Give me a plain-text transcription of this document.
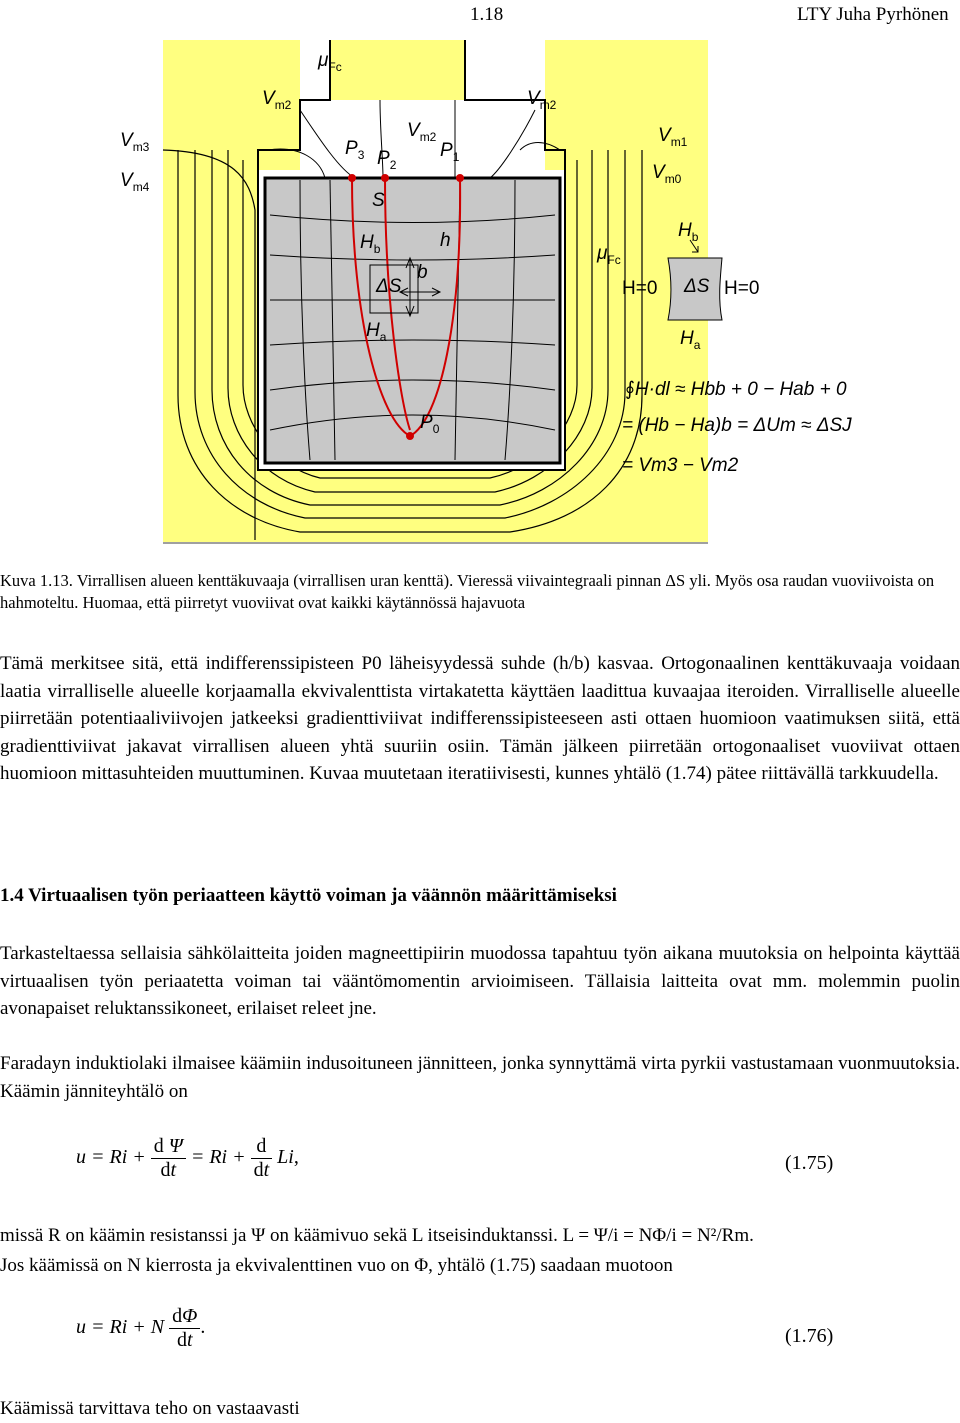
1.18	LTY Juha Pyrhönen
$\mu_{Fc}$
$V_{m2}$	$V_{m2}$
$V_{m3}$
$V_{m4}$
$V_{m2}$	$V_{m1}$
$V_{m0}$
$P_3$ $P_2$
$P_1$
S
$H_b$
ΔS
b
h
$H_a$
$P_0$
$\mu_{Fc}$
$H_b$
H=0 ΔS H=0
$H_a$
∮H·dl ≈ Hbb + 0 − Hab + 0
= (Hb − Ha)b = ΔUm ≈ ΔSJ
= Vm3 − Vm2

Kuva 1.13. Virrallisen alueen kenttäkuvaaja (virrallisen uran kenttä). Vieressä viivaintegraali pinnan ΔS yli. Myös osa raudan vuoviivoista on hahmoteltu. Huomaa, että piirretyt vuoviivat ovat kaikki käytännössä hajavuota

Tämä merkitsee sitä, että indifferenssipisteen P0 läheisyydessä suhde (h/b) kasvaa. Ortogonaalinen kenttäkuvaaja voidaan laatia virralliselle alueelle korjaamalla ekvivalenttista virtakatetta käyttäen laadittua kuvaajaa iteroiden. Virralliselle alueelle piirretään potentiaaliviivojen jatkeeksi gradienttiviivat indifferenssipisteeseen asti ottaen huomioon vaatimuksen siitä, että gradienttiviivat jakavat virrallisen alueen yhtä suuriin osiin. Tämän jälkeen piirretään ortogonaaliset vuoviivat ottaen huomioon mittasuhteiden muuttuminen. Kuvaa muutetaan iteratiivisesti, kunnes yhtälö (1.74) pätee riittävällä tarkkuudella.

1.4 Virtuaalisen työn periaatteen käyttö voiman ja väännön määrittämiseksi

Tarkasteltaessa sellaisia sähkölaitteita joiden magneettipiirin muodossa tapahtuu työn aikana muutoksia on helpointa käyttää virtuaalisen työn periaatetta voiman tai vääntömomentin arvioimiseen. Tällaisia laitteita ovat mm. molemmin puolin avonapaiset reluktanssikoneet, erilaiset releet jne.

Faradayn induktiolaki ilmaisee käämiin indusoituneen jännitteen, jonka synnyttämä virta pyrkii vastustamaan vuonmuutoksia. Käämin jänniteyhtälö on

$u = Ri + \frac{\text{d Ψ}}{dt} = Ri + \frac{d}{dt} Li$,	(1.75)

missä R on käämin resistanssi ja Ψ on käämivuo sekä L itseisinduktanssi. L = Ψ/i = NΦ/i = N²/Rm.

Jos käämissä on N kierrosta ja ekvivalenttinen vuo on Φ, yhtälö (1.75) saadaan muotoon

u = Ri + N $\frac{d\Phi}{dt}$ .	(1.76)

Käämissä tarvittava teho on vastaavasti
